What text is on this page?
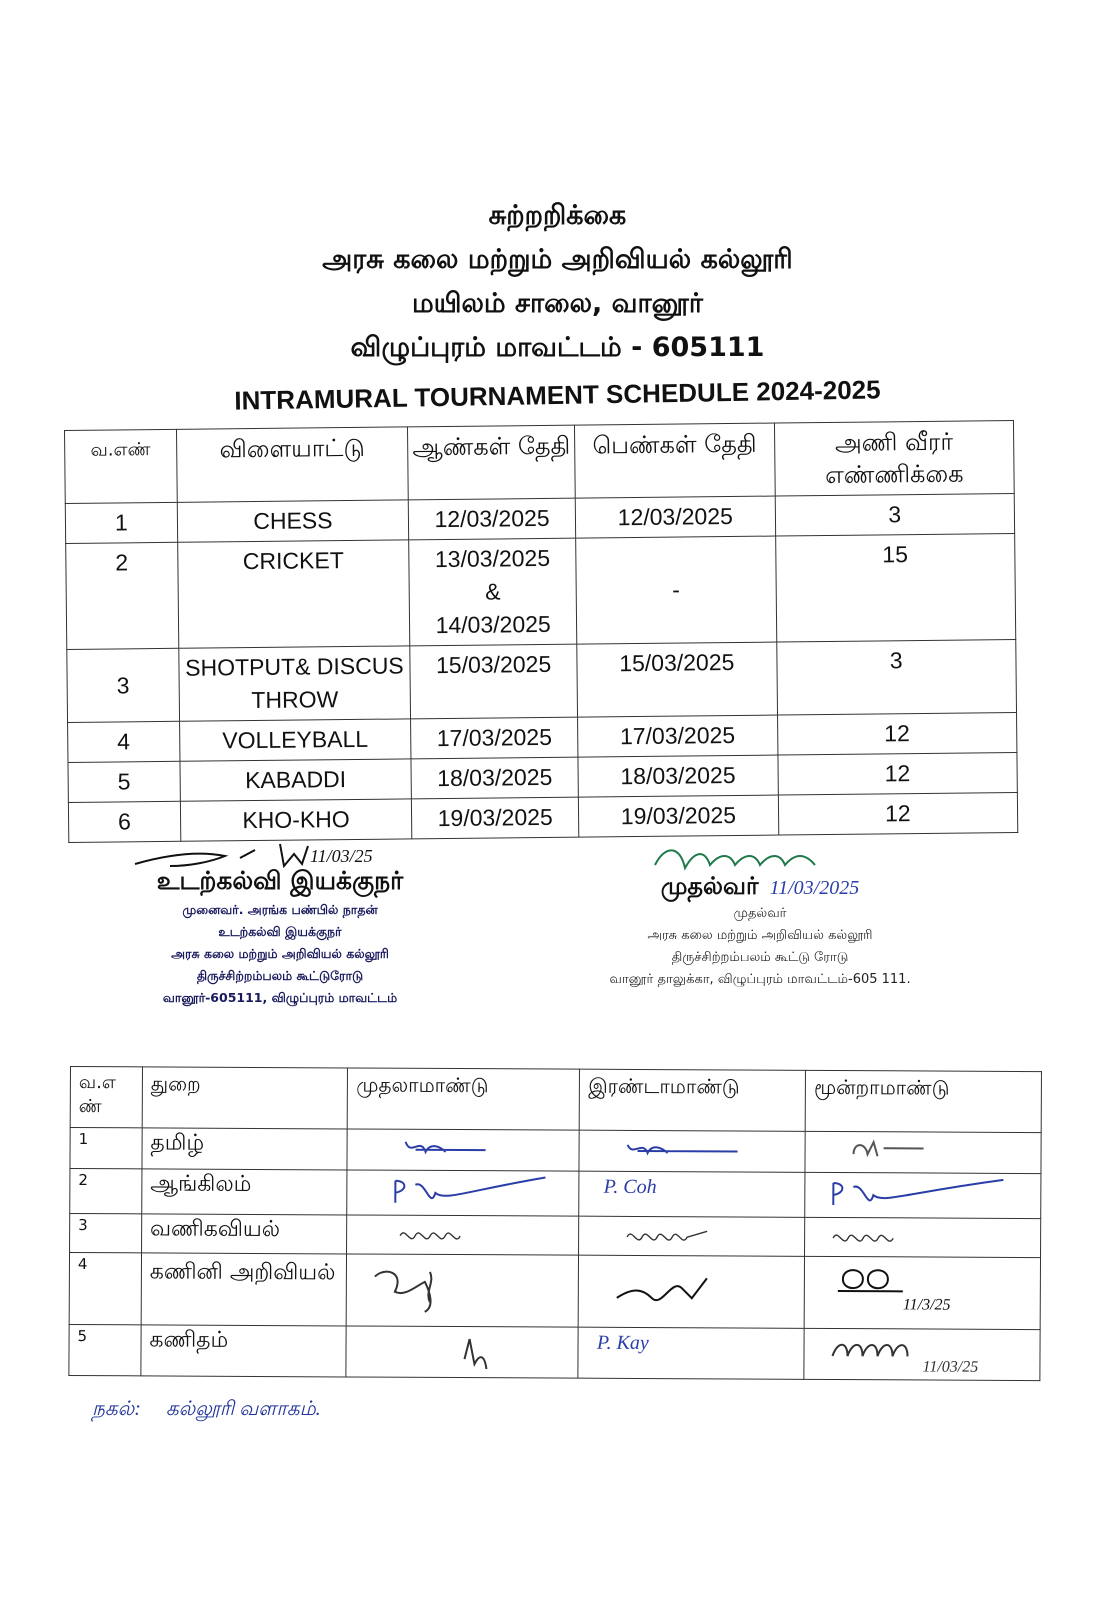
சுற்றறிக்கை
அரசு கலை மற்றும் அறிவியல் கல்லூரி
மயிலம் சாலை, வானூர்
விழுப்புரம் மாவட்டம் - 605111
INTRAMURAL TOURNAMENT SCHEDULE 2024-2025
வ.எண்	விளையாட்டு	ஆண்கள் தேதி	பெண்கள் தேதி	அணி வீரர் எண்ணிக்கை
1	CHESS	12/03/2025	12/03/2025	3
2	CRICKET	13/03/2025 & 14/03/2025	-	15
3	SHOTPUT& DISCUS THROW	15/03/2025	15/03/2025	3
4	VOLLEYBALL	17/03/2025	17/03/2025	12
5	KABADDI	18/03/2025	18/03/2025	12
6	KHO-KHO	19/03/2025	19/03/2025	12
11/03/25
உடற்கல்வி இயக்குநர்
முனைவர். அரங்க பண்பில் நாதன்
உடற்கல்வி இயக்குநர்
அரசு கலை மற்றும் அறிவியல் கல்லூரி
திருச்சிற்றம்பலம் கூட்டுரோடு
வானூர்-605111, விழுப்புரம் மாவட்டம்
முதல்வர் 11/03/2025
முதல்வர்
அரசு கலை மற்றும் அறிவியல் கல்லூரி
திருச்சிற்றம்பலம் கூட்டு ரோடு
வானூர் தாலுக்கா, விழுப்புரம் மாவட்டம்-605 111.
வ.எ ண்	துறை	முதலாமாண்டு	இரண்டாமாண்டு	மூன்றாமாண்டு
1	தமிழ்			
2	ஆங்கிலம்		P. Coh	
3	வணிகவியல்			
4	கணினி அறிவியல்			11/3/25
5	கணிதம்		P. Kay	11/03/25
நகல்: கல்லூரி வளாகம்.
